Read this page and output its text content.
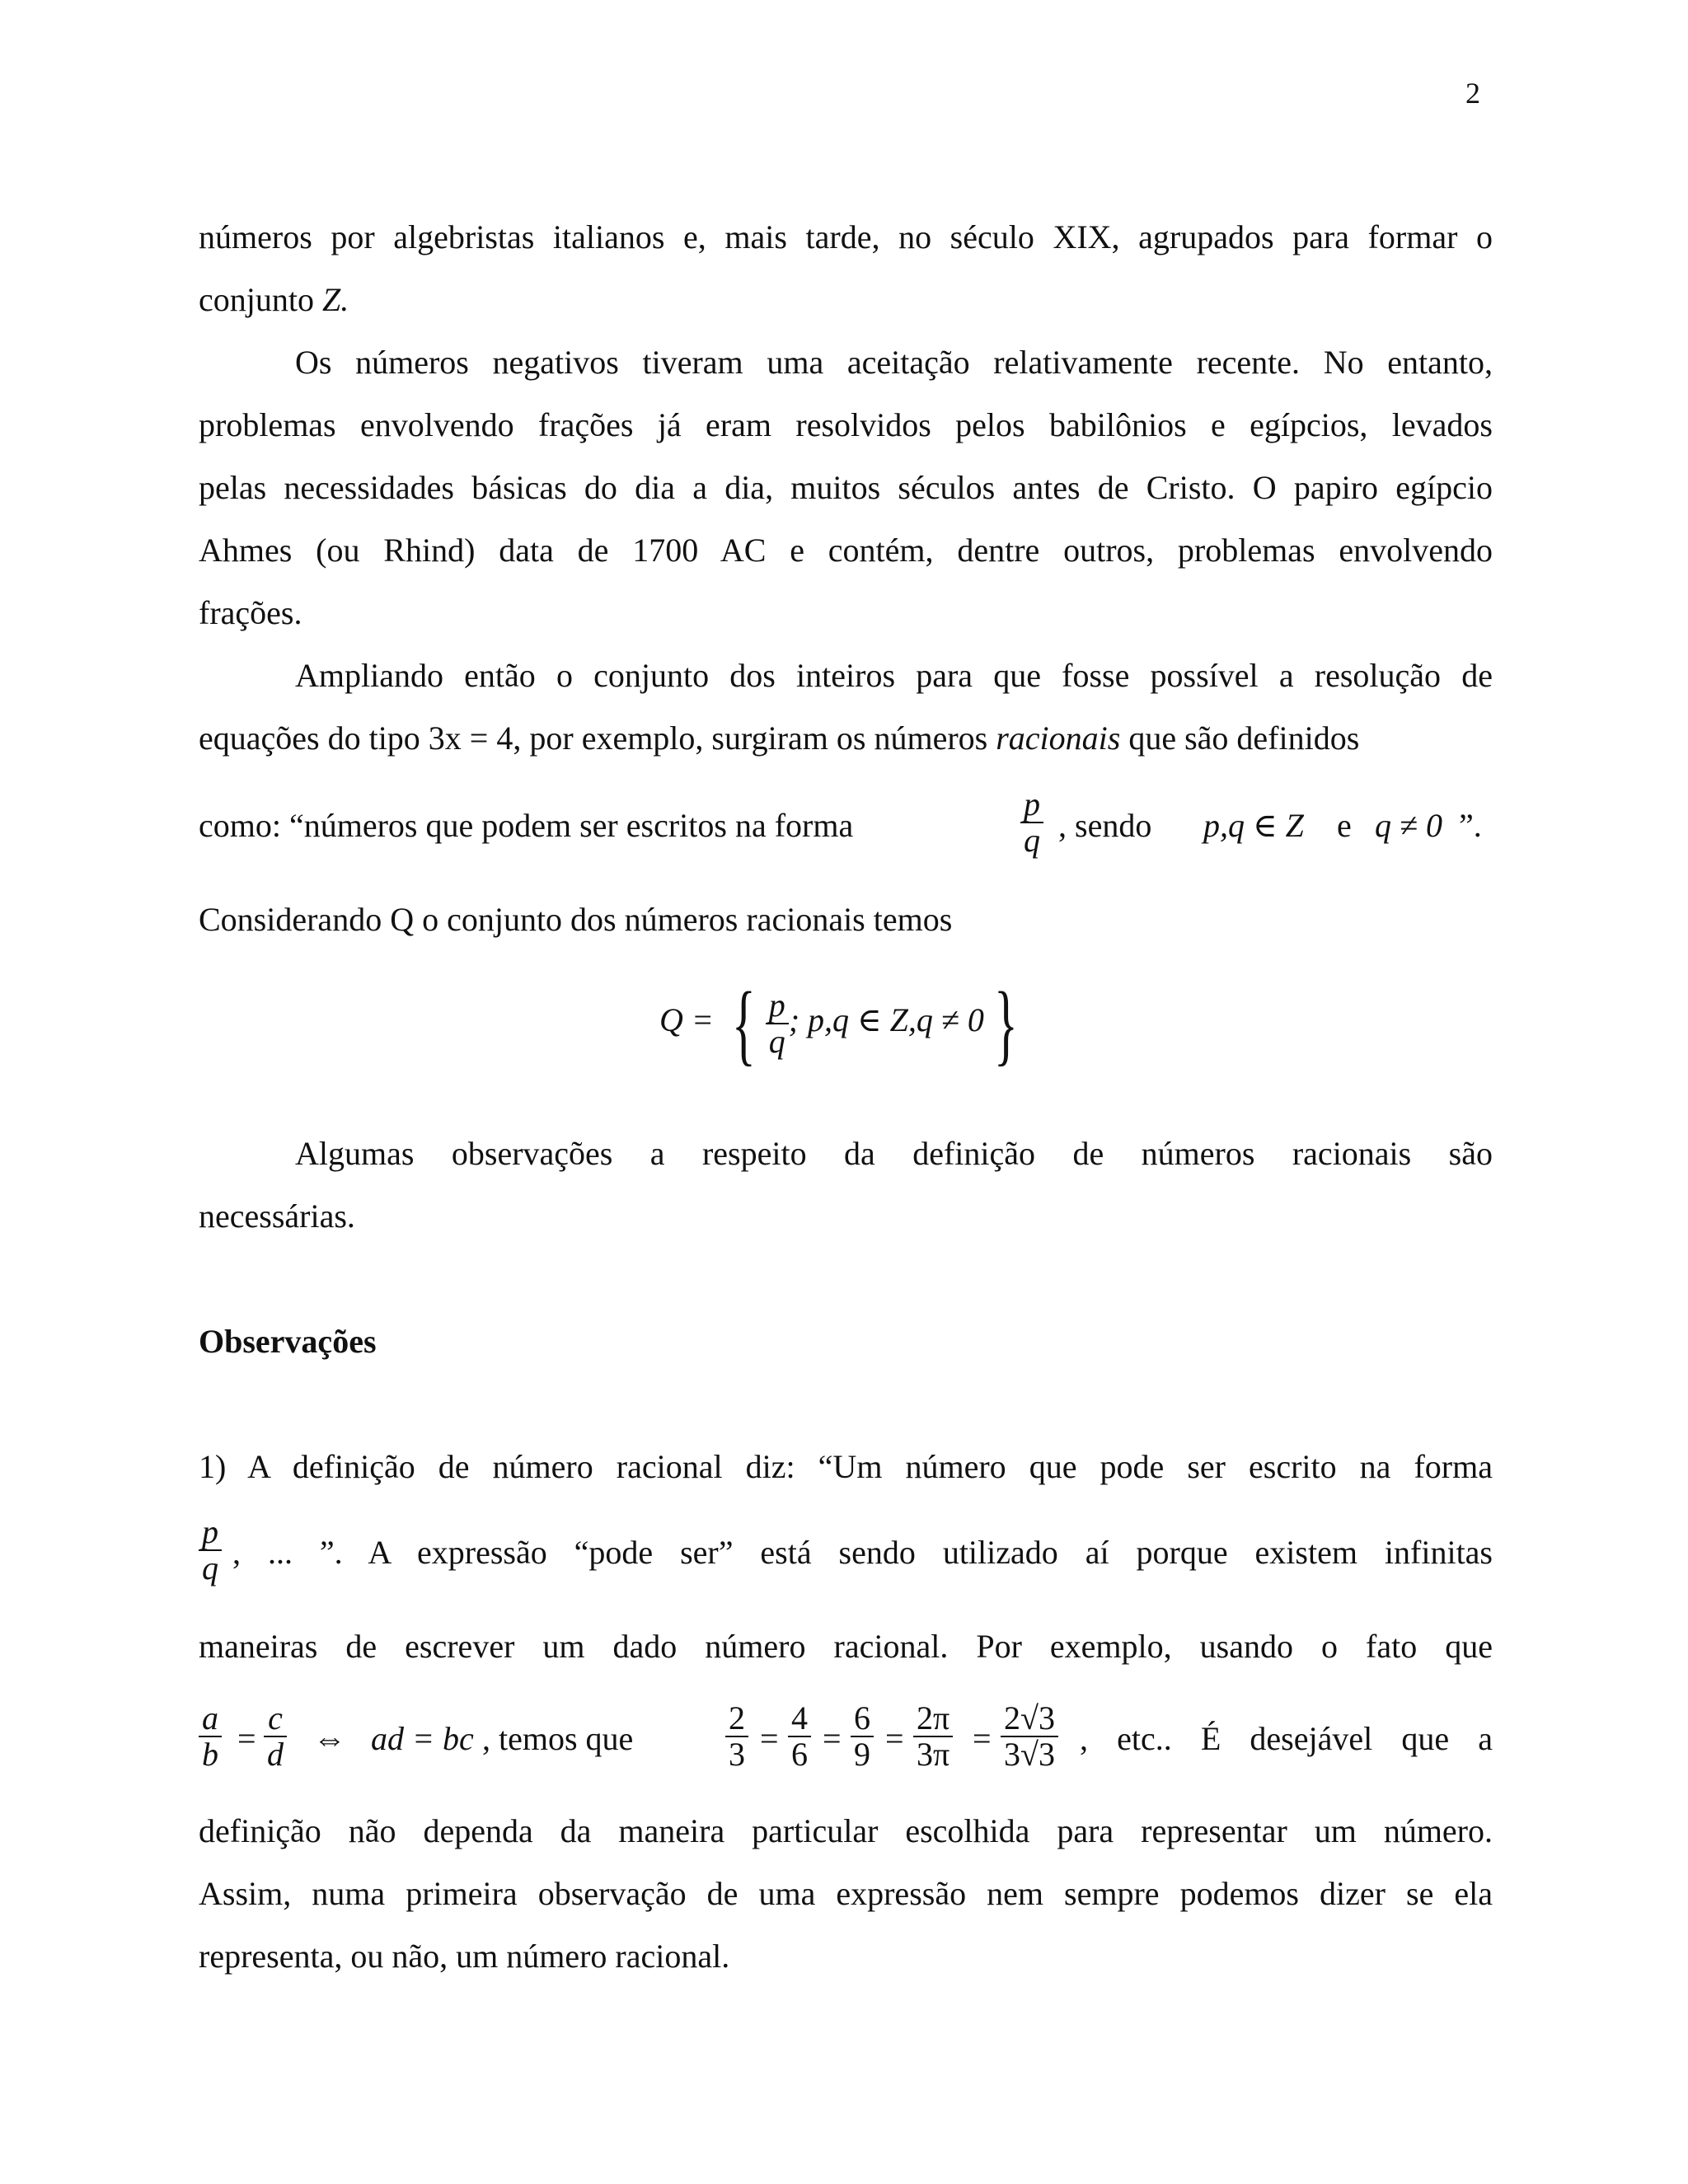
2
números por algebristas italianos e, mais tarde, no século XIX, agrupados para formar o
conjunto Z.
Os números negativos tiveram uma aceitação relativamente recente. No entanto,
problemas envolvendo frações já eram resolvidos pelos babilônios e egípcios, levados
pelas necessidades básicas do dia a dia, muitos séculos antes de Cristo. O papiro egípcio
Ahmes (ou Rhind) data de 1700 AC e contém, dentre outros, problemas envolvendo
frações.
Ampliando então o conjunto dos inteiros para que fosse possível a resolução de
equações do tipo 3x = 4, por exemplo, surgiram os números racionais que são definidos
como: “números que podem ser escritos na forma	$\frac{p}{q}$ , sendo p,q ∈ Z e q ≠ 0 ”.
Considerando Q o conjunto dos números racionais temos
Q = { $\frac{p}{q}$ ; p,q ∈ Z,q ≠ 0 }
Algumas observações a respeito da definição de números racionais são
necessárias.
Observações
1) A definição de número racional diz: “Um número que pode ser escrito na forma
$\frac{p}{q}$ , ... ”. A expressão “pode ser” está sendo utilizado aí porque existem infinitas
maneiras de escrever um dado número racional. Por exemplo, usando o fato que
$\frac{a}{b} = \frac{c}{d}$ ⇔ ad = bc , temos que	$\frac{2}{3} = \frac{4}{6} = \frac{6}{9} = \frac{2\pi}{3\pi} = \frac{2√3}{3√3}$ , etc.. É desejável que a
definição não dependa da maneira particular escolhida para representar um número.
Assim, numa primeira observação de uma expressão nem sempre podemos dizer se ela
representa, ou não, um número racional.
